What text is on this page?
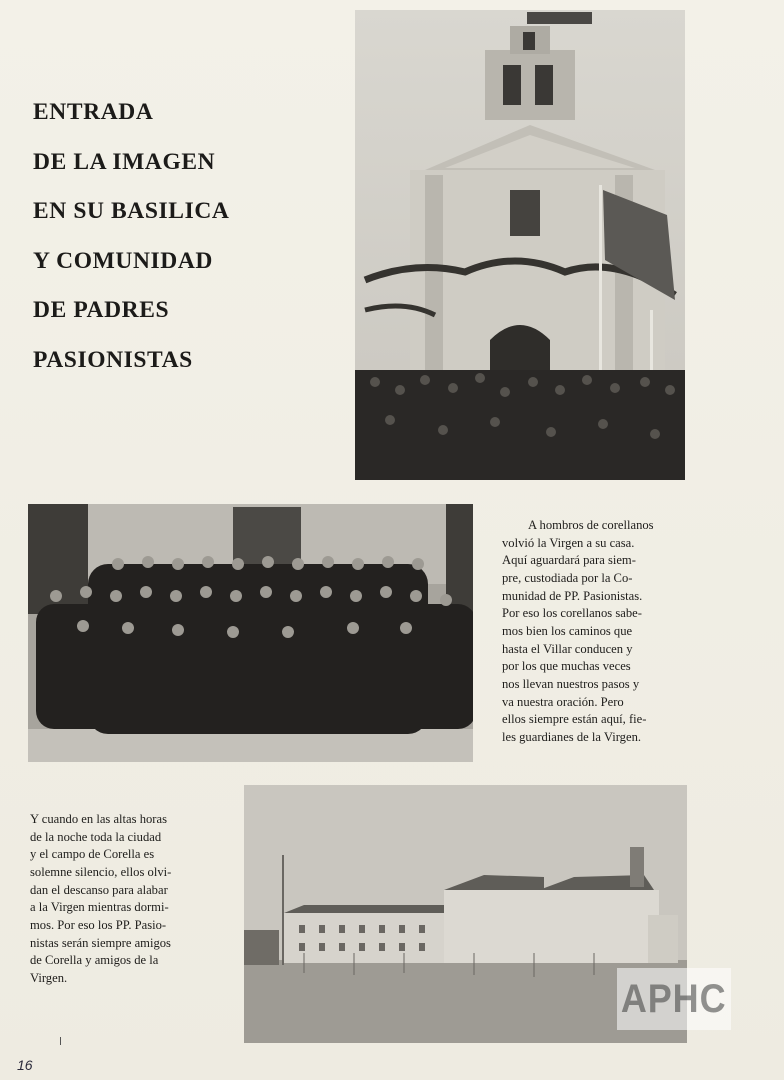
ENTRADA
DE LA IMAGEN
EN SU BASILICA
Y COMUNIDAD
DE PADRES
PASIONISTAS

A hombros de corellanos
volvió la Virgen a su casa.
Aquí aguardará para siem-
pre, custodiada por la Co-
munidad de PP. Pasionistas.
Por eso los corellanos sabe-
mos bien los caminos que
hasta el Villar conducen y
por los que muchas veces
nos llevan nuestros pasos y
va nuestra oración. Pero
ellos siempre están aquí, fie-
les guardianes de la Virgen.

Y cuando en las altas horas
de la noche toda la ciudad
y el campo de Corella es
solemne silencio, ellos olvi-
dan el descanso para alabar
a la Virgen mientras dormi-
mos. Por eso los PP. Pasio-
nistas serán siempre amigos
de Corella y amigos de la
Virgen.	APHC
16
